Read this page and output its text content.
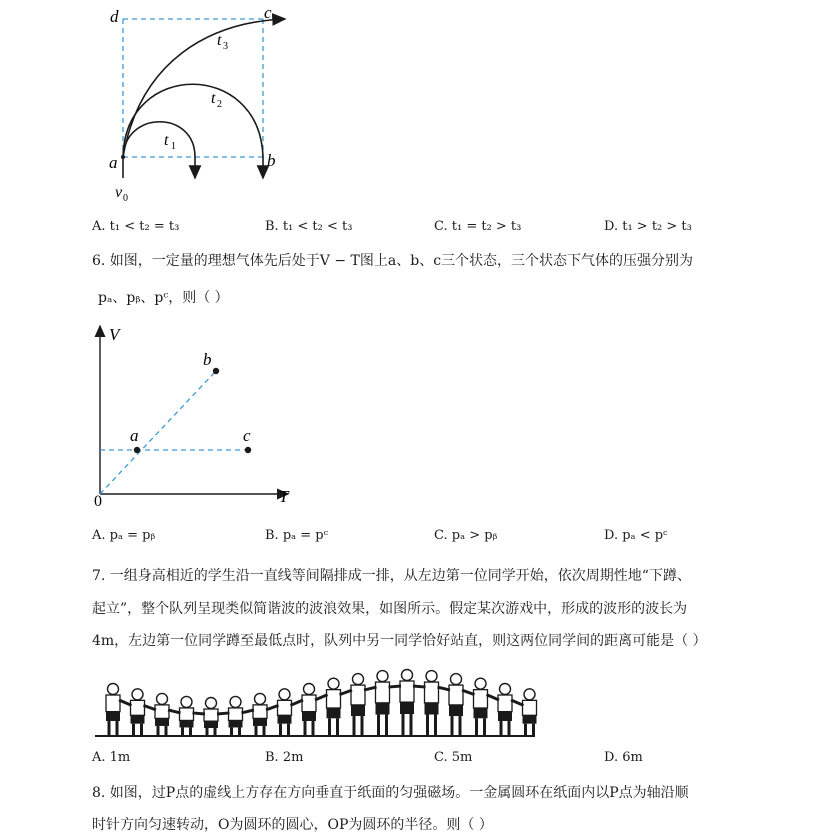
d	c
a	b
t 3
t 2
t 1
v 0
A. t₁ < t₂ = t₃	B. t₁ < t₂ < t₃	C. t₁ = t₂ > t₃	D. t₁ > t₂ > t₃
6. 如图，一定量的理想气体先后处于V − T图上a、b、c三个状态，三个状态下气体的压强分别为
pₐ、pᵦ、pᶜ，则（ ）
V
T
0
a
b
c
A. pₐ = pᵦ	B. pₐ = pᶜ	C. pₐ > pᵦ	D. pₐ < pᶜ
7. 一组身高相近的学生沿一直线等间隔排成一排，从左边第一位同学开始，依次周期性地“下蹲、
起立”，整个队列呈现类似简谐波的波浪效果，如图所示。假定某次游戏中，形成的波形的波长为
4m，左边第一位同学蹲至最低点时，队列中另一同学恰好站直，则这两位同学间的距离可能是（ ）
A. 1m	B. 2m	C. 5m	D. 6m
8. 如图，过P点的虚线上方存在方向垂直于纸面的匀强磁场。一金属圆环在纸面内以P点为轴沿顺
时针方向匀速转动，O为圆环的圆心，OP为圆环的半径。则（ ）
